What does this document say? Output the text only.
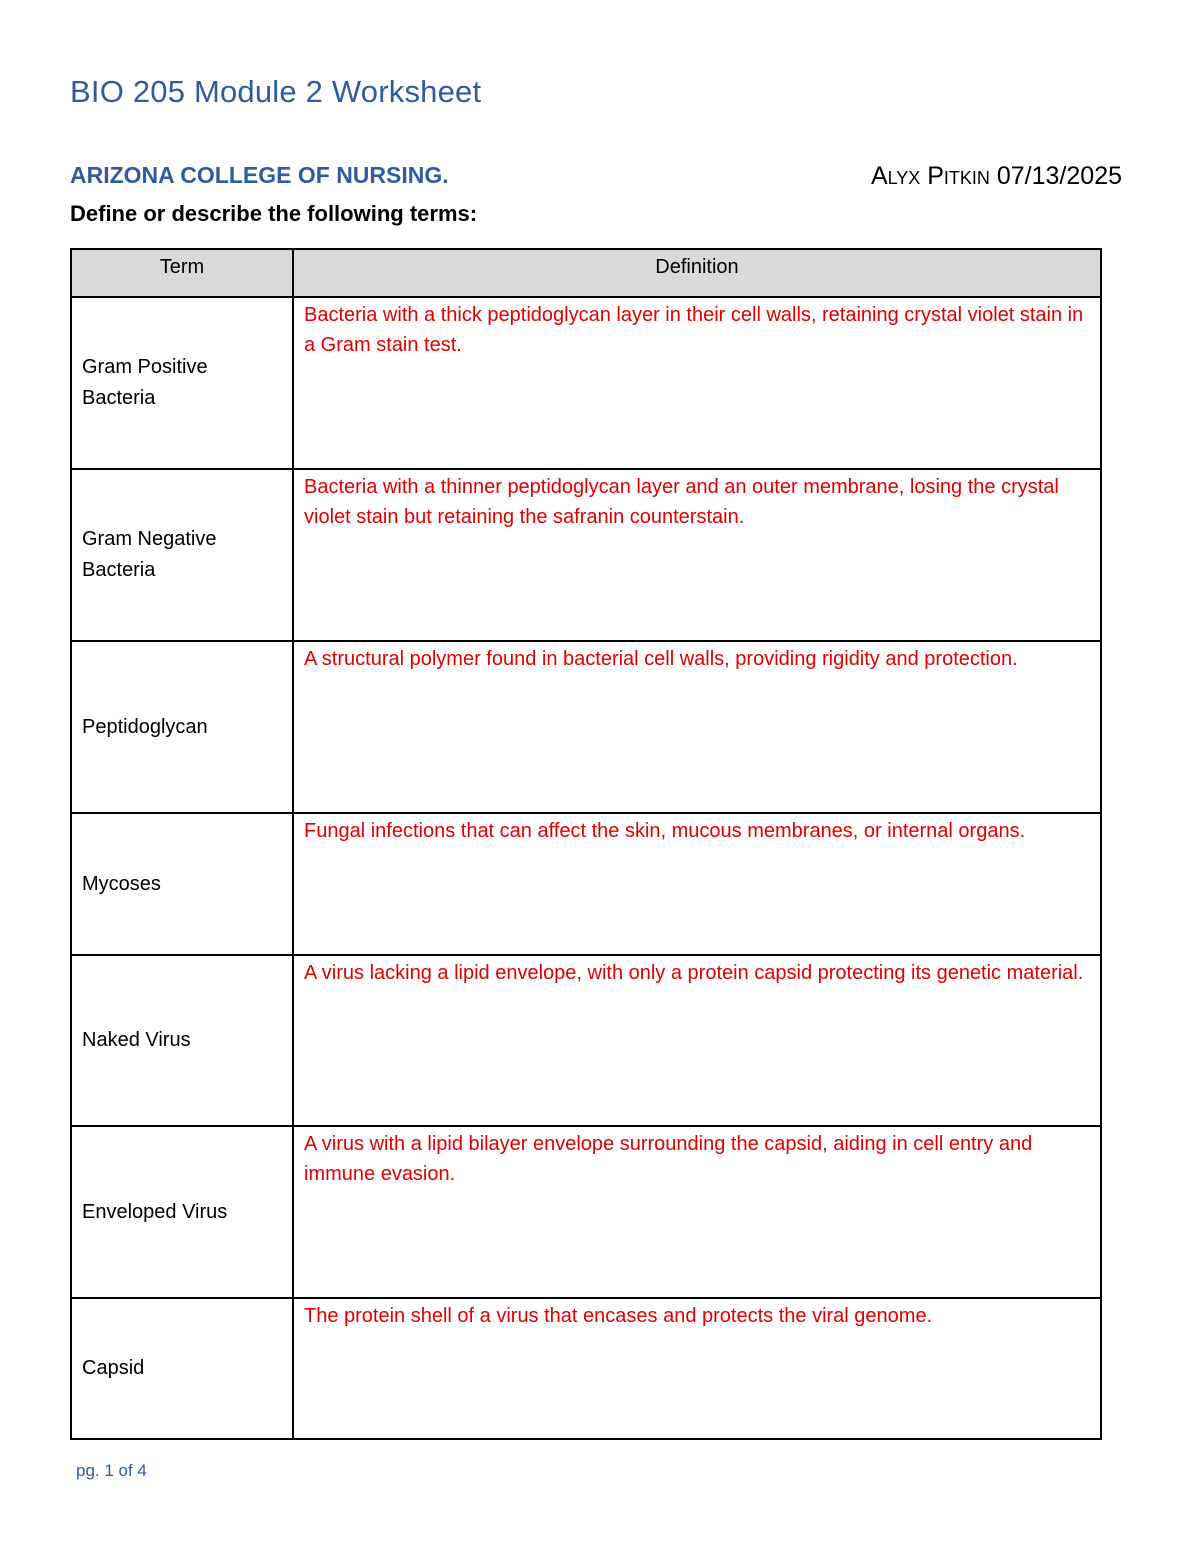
BIO 205 Module 2 Worksheet
ARIZONA COLLEGE OF NURSING.	Alyx Pitkin 07/13/2025
Define or describe the following terms:
Term	Definition
Gram Positive Bacteria	Bacteria with a thick peptidoglycan layer in their cell walls, retaining crystal violet stain in a Gram stain test.
Gram Negative Bacteria	Bacteria with a thinner peptidoglycan layer and an outer membrane, losing the crystal violet stain but retaining the safranin counterstain.
Peptidoglycan	A structural polymer found in bacterial cell walls, providing rigidity and protection.
Mycoses	Fungal infections that can affect the skin, mucous membranes, or internal organs.
Naked Virus	A virus lacking a lipid envelope, with only a protein capsid protecting its genetic material.
Enveloped Virus	A virus with a lipid bilayer envelope surrounding the capsid, aiding in cell entry and immune evasion.
Capsid	The protein shell of a virus that encases and protects the viral genome.
pg. 1 of 4
